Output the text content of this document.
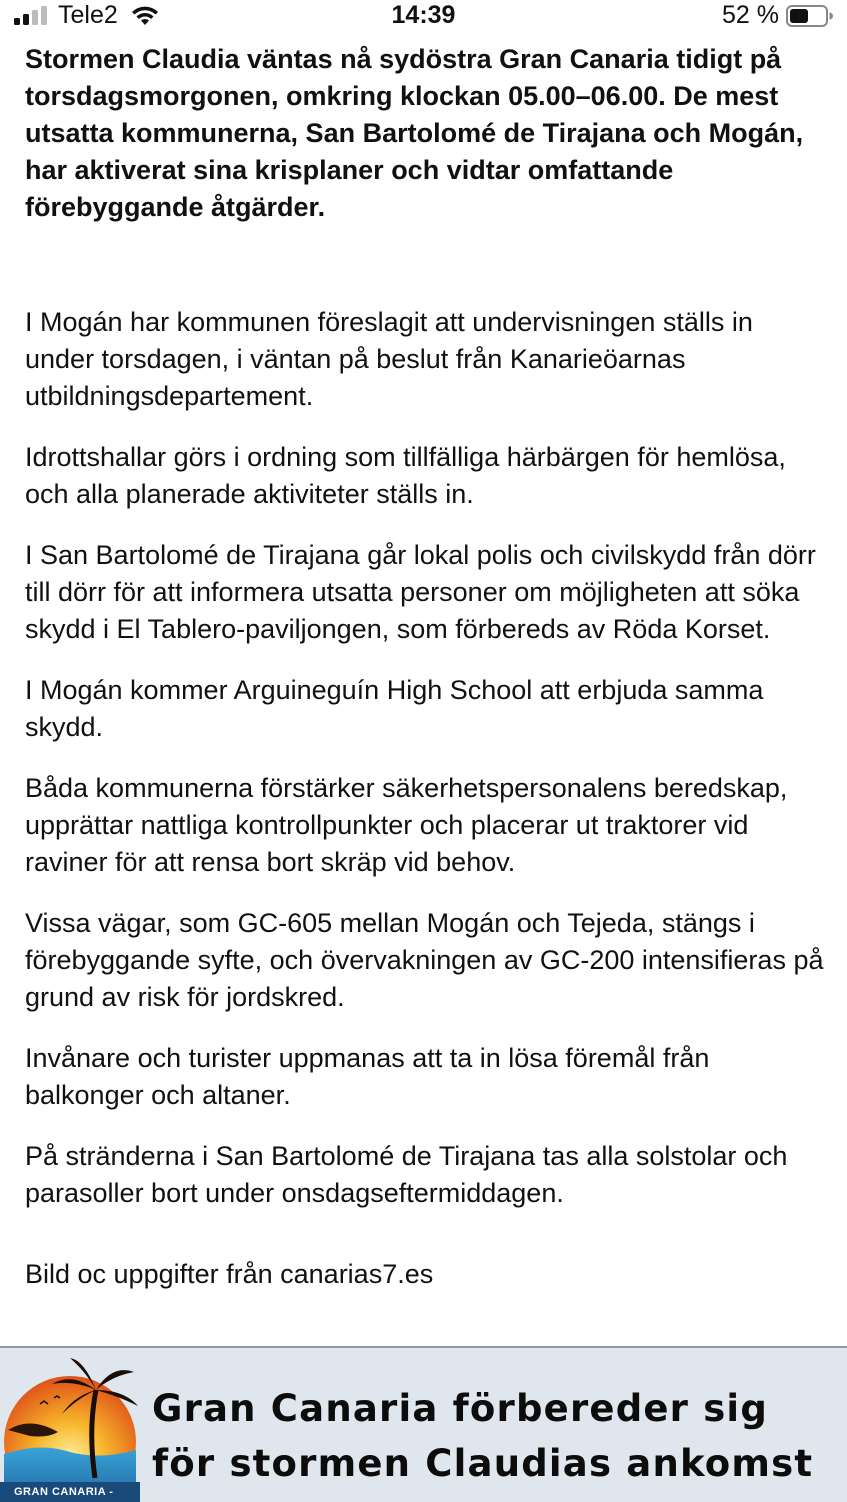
Tele2	14:39	52 %

Stormen Claudia väntas nå sydöstra Gran Canaria tidigt på torsdagsmorgonen, omkring klockan 05.00–06.00. De mest utsatta kommunerna, San Bartolomé de Tirajana och Mogán, har aktiverat sina krisplaner och vidtar omfattande förebyggande åtgärder.

I Mogán har kommunen föreslagit att undervisningen ställs in under torsdagen, i väntan på beslut från Kanarieöarnas utbildningsdepartement.

Idrottshallar görs i ordning som tillfälliga härbärgen för hemlösa, och alla planerade aktiviteter ställs in.

I San Bartolomé de Tirajana går lokal polis och civilskydd från dörr till dörr för att informera utsatta personer om möjligheten att söka skydd i El Tablero-paviljongen, som förbereds av Röda Korset.

I Mogán kommer Arguineguín High School att erbjuda samma skydd.

Båda kommunerna förstärker säkerhetspersonalens beredskap, upprättar nattliga kontrollpunkter och placerar ut traktorer vid raviner för att rensa bort skräp vid behov.

Vissa vägar, som GC-605 mellan Mogán och Tejeda, stängs i förebyggande syfte, och övervakningen av GC-200 intensifieras på grund av risk för jordskred.

Invånare och turister uppmanas att ta in lösa föremål från balkonger och altaner.

På stränderna i San Bartolomé de Tirajana tas alla solstolar och parasoller bort under onsdagseftermiddagen.

Bild oc uppgifter från canarias7.es

GRAN CANARIA -
Gran Canaria förbereder sig
för stormen Claudias ankomst
